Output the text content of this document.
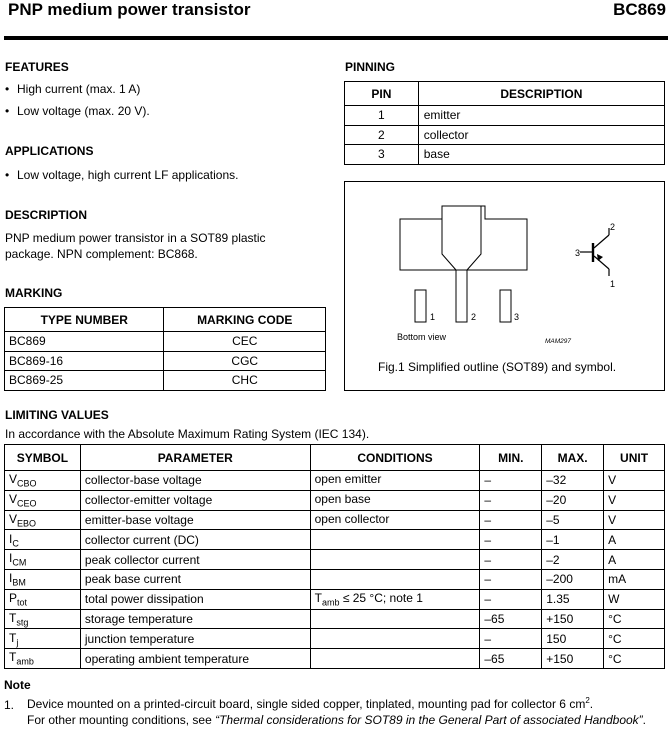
PNP medium power transistor	BC869
FEATURES
• High current (max. 1 A)
• Low voltage (max. 20 V).
APPLICATIONS
• Low voltage, high current LF applications.
DESCRIPTION
PNP medium power transistor in a SOT89 plastic
package. NPN complement: BC868.
MARKING
TYPE NUMBER	MARKING CODE
BC869	CEC
BC869-16	CGC
BC869-25	CHC
PINNING
PIN	DESCRIPTION
1	emitter
2	collector
3	base
1	2	3
Bottom view	MAM297
2
3
1
Fig.1 Simplified outline (SOT89) and symbol.
LIMITING VALUES
In accordance with the Absolute Maximum Rating System (IEC 134).
SYMBOL	PARAMETER	CONDITIONS	MIN.	MAX.	UNIT
$V_{CBO}$	collector-base voltage	open emitter	–	–32	V
$V_{CEO}$	collector-emitter voltage	open base	–	–20	V
$V_{EBO}$	emitter-base voltage	open collector	–	–5	V
$I_C$	collector current (DC)		–	–1	A
$I_{CM}$	peak collector current		–	–2	A
$I_{BM}$	peak base current		–	–200	mA
$P_{tot}$	total power dissipation	$T_{amb} \le 25$ °C; note 1	–	1.35	W
$T_{stg}$	storage temperature		–65	+150	°C
$T_j$	junction temperature		–	150	°C
$T_{amb}$	operating ambient temperature		–65	+150	°C
Note
1. Device mounted on a printed-circuit board, single sided copper, tinplated, mounting pad for collector 6 $cm^2$.
For other mounting conditions, see “Thermal considerations for SOT89 in the General Part of associated Handbook”.
